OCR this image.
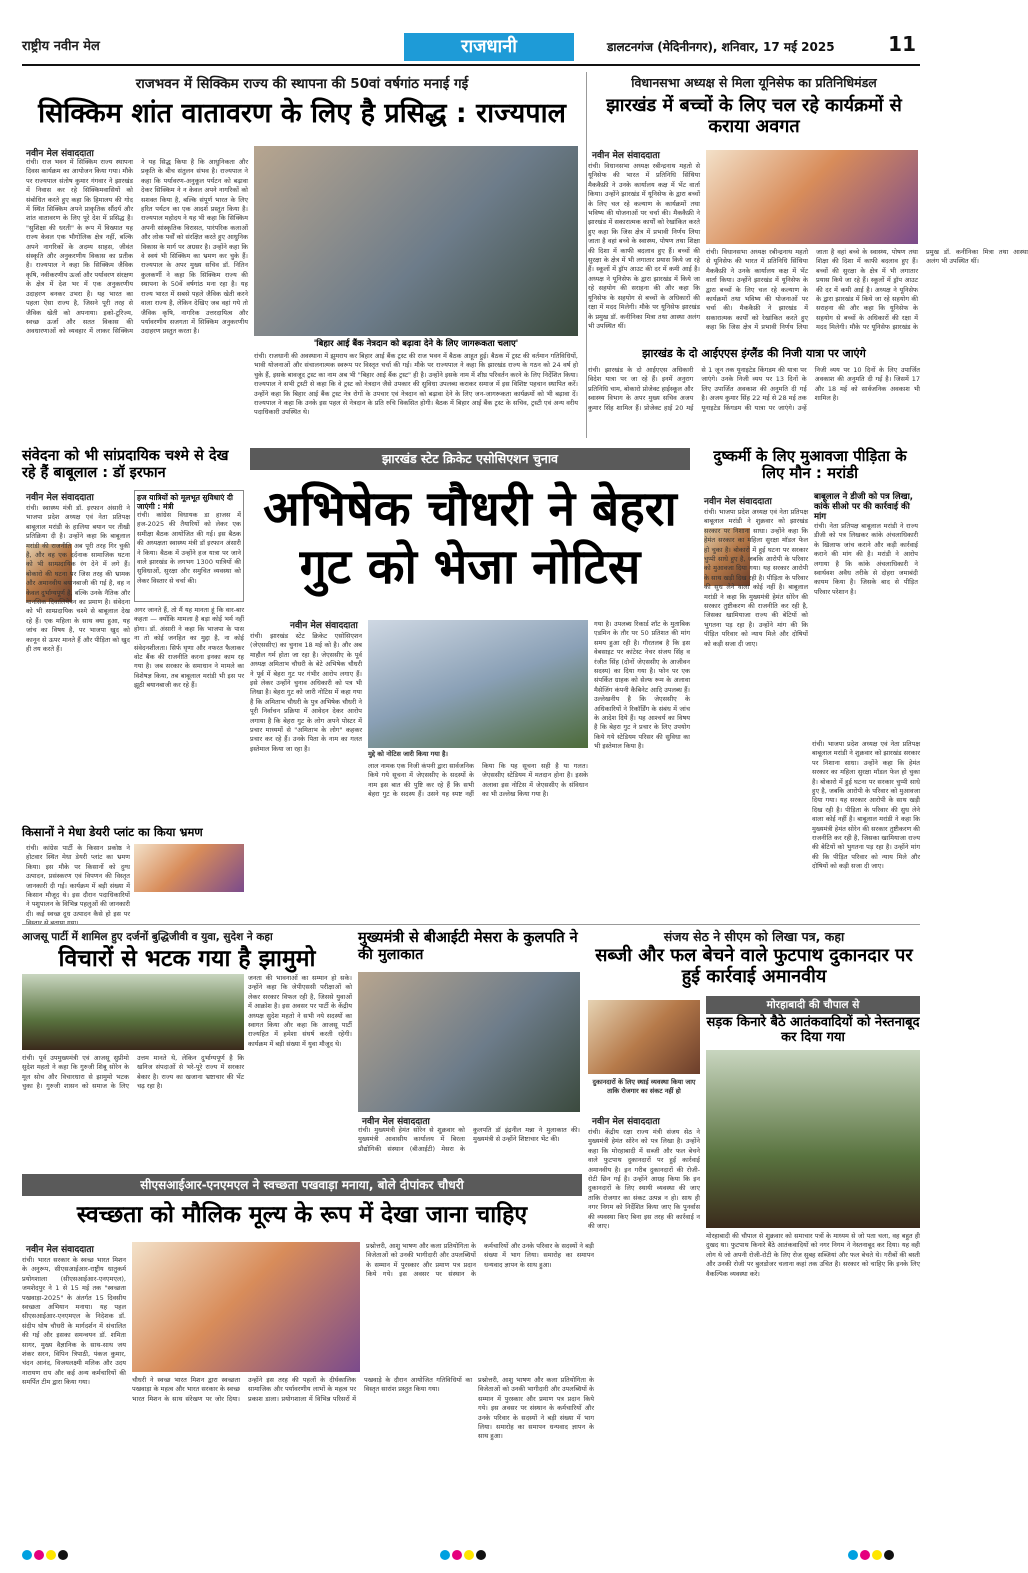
राष्ट्रीय नवीन मेल	राजधानी	डालटनगंज (मेदिनीनगर), शनिवार, 17 मई 2025	11
राजभवन में सिक्किम राज्य की स्थापना की 50वां वर्षगांठ मनाई गई
सिक्किम शांत वातावरण के लिए है प्रसिद्ध : राज्यपाल
नवीन मेल संवाददाता
रांची। राज भवन में सिक्किम राज्य स्थापना दिवस कार्यक्रम का आयोजन किया गया। मौके पर राज्यपाल संतोष कुमार गंगवार ने झारखंड में निवास कर रहे सिक्किमवासियों को संबोधित करते हुए कहा कि हिमालय की गोद में स्थित सिक्किम अपने प्राकृतिक सौंदर्य और शांत वातावरण के लिए पूरे देश में प्रसिद्ध है। "सुशिक्षा की धरती" के रूप में विख्यात यह राज्य केवल एक भौगोलिक क्षेत्र नहीं, बल्कि अपने नागरिकों के अदम्य साहस, जीवंत संस्कृति और अनुकरणीय विकास का प्रतीक है। राज्यपाल ने कहा कि सिक्किम जैविक कृषि, नवीकरणीय ऊर्जा और पर्यावरण संरक्षण के क्षेत्र में देश भर में एक अनुकरणीय उदाहरण बनकर उभरा है। यह भारत का पहला ऐसा राज्य है, जिसने पूरी तरह से जैविक खेती को अपनाया। इको-टूरिज्म, स्वच्छ ऊर्जा और सतत विकास की अवधारणाओं को व्यवहार में लाकर सिक्किम ने यह सिद्ध किया है कि आधुनिकता और प्रकृति के बीच संतुलन संभव है। राज्यपाल ने कहा कि पर्यावरण-अनुकूल पर्यटन को बढ़ावा देकर सिक्किम ने न केवल अपने नागरिकों को सशक्त किया है, बल्कि संपूर्ण भारत के लिए हरित पर्यटन का एक आदर्श प्रस्तुत किया है। राज्यपाल महोदय ने यह भी कहा कि सिक्किम अपनी सांस्कृतिक विरासत, पारंपरिक कलाओं और लोक पर्वों को संरक्षित करते हुए आधुनिक विकास के मार्ग पर अग्रसर है। उन्होंने कहा कि वे स्वयं भी सिक्किम का भ्रमण कर चुके हैं। राज्यपाल के अपर मुख्य सचिव डॉ. नितिन कुलकर्णी ने कहा कि सिक्किम राज्य की स्थापना के 50वें वर्षगांठ मना रहा है। यह राज्य भारत में सबसे पहले जैविक खेती करने वाला राज्य है, लेकिन देखिए जब वहां गये तो जैविक कृषि, नागरिक उत्तरदायित्व और पर्यावरणीय सजगता में सिक्किम अनुकरणीय उदाहरण प्रस्तुत करता है।
'बिहार आई बैंक नेत्रदान को बढ़ावा देने के लिए जागरूकता चलाए'
रांची। राजधानी की अवस्थाना में झुमराय कर बिहार आई बैंक ट्रस्ट की राज भवन में बैठक आहूत हुई। बैठक में ट्रस्ट की वर्तमान गतिविधियों, भावी योजनाओं और संचालनात्मक स्वरूप पर विस्तृत चर्चा की गई। मौके पर राज्यपाल ने कहा कि झारखंड राज्य के गठन को 24 वर्ष हो चुके हैं, इसके बावजूद ट्रस्ट का नाम अब भी "बिहार आई बैंक ट्रस्ट" ही है। उन्होंने इसके नाम में शीघ्र परिवर्तन करने के लिए निर्देशित किया। राज्यपाल ने सभी ट्रस्टी से कहा कि वे ट्रस्ट को नेत्रदान जैसे उपकार की सुविधा उपलब्ध कराकर समाज में इस विशिष्ट पहचान स्थापित करें। उन्होंने कहा कि बिहार आई बैंक ट्रस्ट नेत्र रोगों के उपचार एवं नेत्रदान को बढ़ावा देने के लिए जन-जागरूकता कार्यक्रमों को भी बढ़ावा दें। राज्यपाल ने कहा कि उनके इस पहल से नेत्रदान के प्रति रुचि विकसित होगी। बैठक में बिहार आई बैंक ट्रस्ट के सचिव, ट्रस्टी एवं अन्य वरीय पदाधिकारी उपस्थित थे।
विधानसभा अध्यक्ष से मिला यूनिसेफ का प्रतिनिधिमंडल
झारखंड में बच्चों के लिए चल रहे कार्यक्रमों से कराया अवगत
नवीन मेल संवाददाता
रांची। विधानसभा अध्यक्ष रबीन्द्रनाथ महतो से यूनिसेफ की भारत में प्रतिनिधि सिंथिया मैककैफ्री ने उनके कार्यालय कक्ष में भेंट वार्ता किया। उन्होंने झारखंड में यूनिसेफ के द्वारा बच्चों के लिए चल रहे कल्याण के कार्यक्रमों तथा भविष्य की योजनाओं पर चर्चा की। मैककैफ्री ने झारखंड में सकारात्मक कार्यों को रेखांकित करते हुए कहा कि जिस क्षेत्र में प्रभावी निर्णय लिया जाता है वहां बच्चे के स्वास्थ्य, पोषण तथा शिक्षा की दिशा में काफी बदलाव हुए हैं। बच्चों की सुरक्षा के क्षेत्र में भी लगातार प्रयास किये जा रहे हैं। स्कूलों में ड्रॉप आउट की दर में कमी आई है। अध्यक्ष ने यूनिसेफ के द्वारा झारखंड में किये जा रहे सहयोग की सराहना की और कहा कि यूनिसेफ के सहयोग से बच्चों के अधिकारों की रक्षा में मदद मिलेगी। मौके पर यूनिसेफ झारखंड के प्रमुख डॉ. कनीनिका मित्रा तथा आस्था अलंग भी उपस्थित थीं।
रांची। विधानसभा अध्यक्ष रबीन्द्रनाथ महतो से यूनिसेफ की भारत में प्रतिनिधि सिंथिया मैककैफ्री ने उनके कार्यालय कक्ष में भेंट वार्ता किया। उन्होंने झारखंड में यूनिसेफ के द्वारा बच्चों के लिए चल रहे कल्याण के कार्यक्रमों तथा भविष्य की योजनाओं पर चर्चा की। मैककैफ्री ने झारखंड में सकारात्मक कार्यों को रेखांकित करते हुए कहा कि जिस क्षेत्र में प्रभावी निर्णय लिया जाता है वहां बच्चे के स्वास्थ्य, पोषण तथा शिक्षा की दिशा में काफी बदलाव हुए हैं। बच्चों की सुरक्षा के क्षेत्र में भी लगातार प्रयास किये जा रहे हैं। स्कूलों में ड्रॉप आउट की दर में कमी आई है। अध्यक्ष ने यूनिसेफ के द्वारा झारखंड में किये जा रहे सहयोग की सराहना की और कहा कि यूनिसेफ के सहयोग से बच्चों के अधिकारों की रक्षा में मदद मिलेगी। मौके पर यूनिसेफ झारखंड के प्रमुख डॉ. कनीनिका मित्रा तथा आस्था अलंग भी उपस्थित थीं।
झारखंड के दो आईएएस इंग्लैंड की निजी यात्रा पर जाएंगे
रांची। झारखंड के दो आईएएस अधिकारी विदेश यात्रा पर जा रहे हैं। इनमें अनुराग प्रतिनिधि चाम, बोकारो प्रोजेक्ट हाईस्कूल और स्वास्थ्य विभाग के अपर मुख्य सचिव अजय कुमार सिंह शामिल हैं। प्रोजेक्ट हाई 20 मई से 1 जून तक यूनाइटेड किंगडम की यात्रा पर जाएंगे। उनके निजी व्यय पर 13 दिनों के लिए उपार्जित अवकाश की अनुमति दी गई है। अजय कुमार सिंह 22 मई से 28 मई तक यूनाइटेड किंगडम की यात्रा पर जाएंगे। उन्हें निजी व्यय पर 10 दिनों के लिए उपार्जित अवकाश की अनुमति दी गई है। जिसमें 17 और 18 मई को सार्वजनिक अवकाश भी शामिल है।
संवेदना को भी सांप्रदायिक चश्मे से देख रहे हैं बाबूलाल : डॉ इरफान
नवीन मेल संवाददाता	हज यात्रियों को मूलभूत सुविधाएं दी जाएंगी : मंत्री
रांची। कांग्रेस विधायक डा हाजस में हज-2025 की तैयारियों को लेकर एक समीक्षा बैठक आयोजित की गई। इस बैठक की अध्यक्षता स्वास्थ्य मंत्री डॉ इरफान अंसारी ने किया। बैठक में उन्होंने हज यात्रा पर जाने वाले झारखंड के लगभग 1300 यात्रियों की सुविधाओं, सुरक्षा और समुचित व्यवस्था को लेकर विस्तार से चर्चा की।
रांची। स्वास्थ्य मंत्री डॉ. इरफान अंसारी ने भाजपा प्रदेश अध्यक्ष एवं नेता प्रतिपक्ष बाबूलाल मरांडी के हालिया बयान पर तीखी प्रतिक्रिया दी है। उन्होंने कहा कि बाबूलाल मरांडी की राजनीति अब पूरी तरह गिर चुकी है, और वह एक दर्दनाक सामाजिक घटना को भी साम्प्रदायिक रंग देने में लगे हैं। बोकारो की घटना पर जिस तरह की भ्रामक और अमानवीय बयानबाजी की गई है, वह न केवल दुर्भाग्यपूर्ण है, बल्कि उनके नैतिक और मानसिक दिवालियेपन का प्रमाण है। संवेदना को भी साम्प्रदायिक चश्मे से बाबूलाल देख रहे हैं। एक महिला के साथ क्या हुआ, यह जांच का विषय है, पर भाजपा खुद को कानून से ऊपर मानते हैं और पीड़िता को खुद ही तय करते हैं।
अगर जानते हैं, तो मैं यह मानता हूं कि वार-बार कहता — क्योंकि मामला है बड़ा कोई भर्म नहीं होगा। डॉ. अंसारी ने कहा कि भाजपा के पास ना तो कोई जनहित का मुद्दा है, ना कोई संवेदनशीलता। सिर्फ घृणा और नफरत फैलाकर वोट बैंक की राजनीति करना इनका काम रह गया है। जब सरकार के समाधान ने मामले का विशेषज्ञ किया, तब बाबूलाल मरांडी भी इस पर झूठी बयानबाजी कर रहे हैं।
किसानों ने मेधा डेयरी प्लांट का किया भ्रमण
रांची। कांग्रेस पार्टी के किसान प्रकोष्ठ ने होटवार स्थित मेधा डेयरी प्लांट का भ्रमण किया। इस मौके पर किसानों को दुग्ध उत्पादन, प्रसंस्करण एवं विपणन की विस्तृत जानकारी दी गई। कार्यक्रम में बड़ी संख्या में किसान मौजूद थे। इस दौरान पदाधिकारियों ने पशुपालन के विभिन्न पहलुओं की जानकारी दी। कई स्वच्छ दूध उत्पादन कैसे हो इस पर
झारखंड स्टेट क्रिकेट एसोसिएशन चुनाव
अभिषेक चौधरी ने बेहरा गुट को भेजा नोटिस
नवीन मेल संवाददाता
रांची। झारखंड स्टेट क्रिकेट एसोसिएशन (जेएससीए) का चुनाव 18 मई को है। और अब माहौल गर्म होता जा रहा है। जेएससीए के पूर्व अध्यक्ष अमिताभ चौधरी के बेटे अभिषेक चौधरी ने पूर्व में बेहरा गुट पर गंभीर आरोप लगाए हैं। इसे लेकर उन्होंने चुनाव अधिकारी को पत्र भी लिखा है। बेहरा गुट को जारी नोटिस में कहा गया है कि अमिताभ चौधरी के पुत्र अभिषेक चौधरी ने पूरी निर्वाचन प्रक्रिया में आवेदन देकर आरोप लगाया है कि बेहरा गुट के लोग अपने पोस्टर में प्रचार माध्यमों से "अमिताभ के लोग" कहकर प्रचार कर रहे हैं। उनके पिता के नाम का गलत इस्तेमाल किया जा रहा है।
मुद्दे को नोटिस जारी किया गया है।
लाल नामक एक निजी कंपनी द्वारा सार्वजनिक किये गये सूचना में जेएससीए के सदस्यों के नाम इस बात की पुष्टि कर रहे हैं कि सभी बेहरा गुट के सदस्य हैं। उसने यह स्पष्ट नहीं किया कि यह सूचना सही है या गलत। जेएससीए स्टेडियम में मतदान होना है। इसके अलावा इस नोटिस में जेएससीए के संविधान का भी उल्लेख किया गया है।
गया है। उपलब्ध रिकार्ड शॉट के मुताबिक एडमिन के तौर पर 50 प्रतिशत की मांग समय हुआ रही है। गौरतलब है कि इस वेबसाइट पर कांटेस्ट नेचर संजय सिंह व रंजीत सिंह (दोनों जेएससीए के आजीवन सदस्य) का दिया गया है। फोन पर एक संपर्कित ग्राहक को सेल्फ रूम के अलावा मैसेजिंग कंपनी कैबिनेट आदि उपलब्ध हैं। उल्लेखनीय है कि जेएससीए के अधिकारियों ने रिकॉर्डिंग के संबंध में जांच के आदेश दिये हैं। यह आश्चर्य का विषय है कि बेहरा गुट ने प्रचार के लिए उपयोग किये गये स्टेडियम परिसर की सुविधा का भी इस्तेमाल किया है।
दुष्कर्मी के लिए मुआवजा पीड़िता के लिए मौन : मरांडी
नवीन मेल संवाददाता	बाबूलाल ने डीजी को पत्र लिखा, कांके सीओ पर की कार्रवाई की मांग
रांची। नेता प्रतिपक्ष बाबूलाल मरांडी ने राज्य डीजी को पत्र लिखकर कांके अंचलाधिकारी के खिलाफ जांच कराने और कड़ी कार्रवाई कराने की मांग की है। मरांडी ने आरोप लगाया है कि कांके अंचलाधिकारी ने स्वार्थवश अवैध तरीके से दोहरा जमाबंदी कायम किया है। जिसके बाद से पीड़ित परिवार परेशान है।
रांची। भाजपा प्रदेश अध्यक्ष एवं नेता प्रतिपक्ष बाबूलाल मरांडी ने शुक्रवार को झारखंड सरकार पर निशाना साधा। उन्होंने कहा कि हेमंत सरकार का महिला सुरक्षा मॉडल फेल हो चुका है। बोकारो में हुई घटना पर सरकार चुप्पी साधे हुए है, जबकि आरोपी के परिवार को मुआवजा दिया गया। यह सरकार आरोपी के साथ खड़ी दिख रही है। पीड़िता के परिवार की सुध लेने वाला कोई नहीं है। बाबूलाल मरांडी ने कहा कि मुख्यमंत्री हेमंत सोरेन की सरकार तुष्टीकरण की राजनीति कर रही है, जिसका खामियाजा राज्य की बेटियों को भुगतना पड़ रहा है। उन्होंने मांग की कि पीड़ित परिवार को न्याय मिले और दोषियों को कड़ी सजा दी जाए।
रांची। भाजपा प्रदेश अध्यक्ष एवं नेता प्रतिपक्ष बाबूलाल मरांडी ने शुक्रवार को झारखंड सरकार पर निशाना साधा। उन्होंने कहा कि हेमंत सरकार का महिला सुरक्षा मॉडल फेल हो चुका है। बोकारो में हुई घटना पर सरकार चुप्पी साधे हुए है, जबकि आरोपी के परिवार को मुआवजा दिया गया। यह सरकार आरोपी के साथ खड़ी दिख रही है। पीड़िता के परिवार की सुध लेने वाला कोई नहीं है। बाबूलाल मरांडी ने कहा कि मुख्यमंत्री हेमंत सोरेन की सरकार तुष्टीकरण की राजनीति कर रही है, जिसका खामियाजा राज्य की बेटियों को भुगतना पड़ रहा है। उन्होंने मांग की कि पीड़ित परिवार को न्याय मिले और दोषियों को कड़ी सजा दी जाए।
आजसू पार्टी में शामिल हुए दर्जनों बुद्धिजीवी व युवा, सुदेश ने कहा
विचारों से भटक गया है झामुमो
रांची। पूर्व उपमुख्यमंत्री एवं आजसू सुप्रीमो सुदेश महतो ने कहा कि गुरुजी शिबू सोरेन के मूल सोच और विचारधारा से झामुमो भटक चुका है। गुरुजी शासन को समाज के लिए उत्तम मानते थे, लेकिन दुर्भाग्यपूर्ण है कि खनिज संपदाओं से भरे-पूरे राज्य में सरकार बेकार है। राज्य का खजाना भ्रष्टाचार की भेंट चढ़ रहा है।
जनता की भावनाओं का सम्मान हो सके। उन्होंने कहा कि जेपीएससी परीक्षाओं को लेकर सरकार विफल रही है, जिससे युवाओं में आक्रोश है। इस अवसर पर पार्टी के केंद्रीय अध्यक्ष सुदेश महतो ने सभी नये सदस्यों का स्वागत किया और कहा कि आजसू पार्टी राज्यहित में हमेशा संघर्ष करती रहेगी। कार्यक्रम में बड़ी संख्या में युवा मौजूद थे।
मुख्यमंत्री से बीआईटी मेसरा के कुलपति ने की मुलाकात
नवीन मेल संवाददाता
रांची। मुख्यमंत्री हेमंत सोरेन से शुक्रवार को मुख्यमंत्री आवासीय कार्यालय में बिरला प्रौद्योगिकी संस्थान (बीआईटी) मेसरा के कुलपति डॉ इंद्रनील मन्ना ने मुलाकात की। मुख्यमंत्री से उन्होंने शिष्टाचार भेंट की।
संजय सेठ ने सीएम को लिखा पत्र, कहा
सब्जी और फल बेचने वाले फुटपाथ दुकानदार पर हुई कार्रवाई अमानवीय
दुकानदारों के लिए स्थाई व्यवस्था किया जाए ताकि रोजगार का संकट नहीं हो
नवीन मेल संवाददाता
रांची। केंद्रीय रक्षा राज्य मंत्री संजय सेठ ने मुख्यमंत्री हेमंत सोरेन को पत्र लिखा है। उन्होंने कहा कि मोरहाबादी में सब्जी और फल बेचने वाले फुटपाथ दुकानदारों पर हुई कार्रवाई अमानवीय है। इन गरीब दुकानदारों की रोजी-रोटी छिन गई है। उन्होंने आग्रह किया कि इन दुकानदारों के लिए स्थायी व्यवस्था की जाए ताकि रोजगार का संकट उत्पन्न न हो। साथ ही नगर निगम को निर्देशित किया जाए कि पुनर्वास की व्यवस्था किए बिना इस तरह की कार्रवाई न की जाए।
मोरहाबादी की चौपाल से
सड़क किनारे बैठे आतंकवादियों को नेस्तनाबूद कर दिया गया
मोरहाबादी की चौपाल से शुक्रवार को समाचार पत्रों के माध्यम से जो पता चला, वह बहुत ही दुखद था। फुटपाथ किनारे बैठे आतंकवादियों को नगर निगम ने नेस्तनाबूद कर दिया। यह वही लोग थे जो अपनी रोजी-रोटी के लिए रोज सुबह सब्जियां और फल बेचते थे। गरीबों की बस्ती और उनकी रोजी पर बुलडोजर चलाना कहां तक उचित है। सरकार को चाहिए कि इनके लिए वैकल्पिक व्यवस्था करे।
सीएसआईआर-एनएमएल ने स्वच्छता पखवाड़ा मनाया, बोले दीपांकर चौधरी
स्वच्छता को मौलिक मूल्य के रूप में देखा जाना चाहिए
नवीन मेल संवाददाता
रांची। भारत सरकार के स्वच्छ भारत मिशन के अनुरूप, सीएसआईआर-राष्ट्रीय धातुकर्म प्रयोगशाला (सीएसआईआर-एनएमएल), जमशेदपुर ने 1 से 15 मई तक "स्वच्छता पखवाड़ा-2025" के अंतर्गत 15 दिवसीय स्वच्छता अभियान मनाया। यह पहल सीएसआईआर-एनएमएल के निदेशक डॉ. संदीप घोष चौधरी के मार्गदर्शन में संचालित की गई और इसका समन्वयन डॉ. शमिता सागर, मुख्य वैज्ञानिक के साथ-साथ जय शंकर सरन, विपिन त्रिपाठी, पंकज कुमार, चंदन आनंद, विजयलक्ष्मी मलिक और उदय नारायण राय और कई अन्य कर्मचारियों की समर्पित टीम द्वारा किया गया।	चौधरी ने स्वच्छ भारत मिशन द्वारा स्वच्छता पखवाड़ा के महत्व और भारत सरकार के स्वच्छ भारत मिशन के साथ संरेखण पर जोर दिया। उन्होंने इस तरह की पहलों के दीर्घकालिक सामाजिक और पर्यावरणीय लाभों के महत्व पर प्रकाश डाला। प्रयोगशाला में विभिन्न परिसरों में पखवाड़े के दौरान आयोजित गतिविधियों का विस्तृत सारांश प्रस्तुत किया गया।
प्रश्नोत्तरी, आशु भाषण और कला प्रतियोगिता के विजेताओं को उनकी भागीदारी और उपलब्धियों के सम्मान में पुरस्कार और प्रमाण पत्र प्रदान किये गये। इस अवसर पर संस्थान के कर्मचारियों और उनके परिवार के सदस्यों ने बड़ी संख्या में भाग लिया। समारोह का समापन धन्यवाद ज्ञापन के साथ हुआ।
प्रश्नोत्तरी, आशु भाषण और कला प्रतियोगिता के विजेताओं को उनकी भागीदारी और उपलब्धियों के सम्मान में पुरस्कार और प्रमाण पत्र प्रदान किये गये। इस अवसर पर संस्थान के कर्मचारियों और उनके परिवार के सदस्यों ने बड़ी संख्या में भाग लिया। समारोह का समापन धन्यवाद ज्ञापन के साथ हुआ।
